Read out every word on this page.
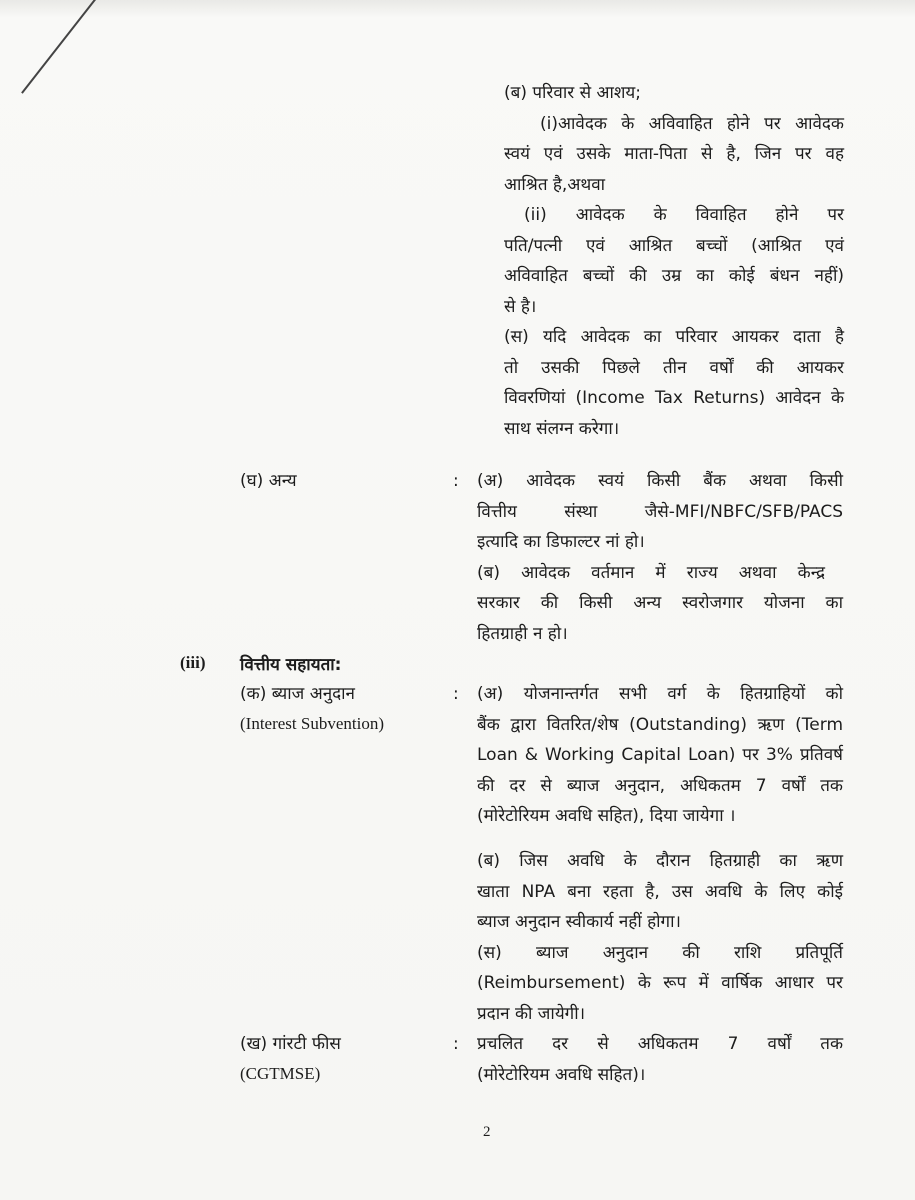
(ब) परिवार से आशय;
(i)आवेदक के अविवाहित होने पर आवेदक
स्वयं एवं उसके माता-पिता से है, जिन पर वह
आश्रित है,अथवा
(ii) आवेदक के विवाहित होने पर
पति/पत्नी एवं आश्रित बच्चों (आश्रित एवं
अविवाहित बच्चों की उम्र का कोई बंधन नहीं)
से है।
(स) यदि आवेदक का परिवार आयकर दाता है
तो उसकी पिछले तीन वर्षों की आयकर
विवरणियां (Income Tax Returns) आवेदन के
साथ संलग्न करेगा।
(घ) अन्य	: (अ) आवेदक स्वयं किसी बैंक अथवा किसी
वित्तीय संस्था जैसे-MFI/NBFC/SFB/PACS
इत्यादि का डिफाल्टर नां हो।
(ब) आवेदक वर्तमान में राज्य अथवा केन्द्र
सरकार की किसी अन्य स्वरोजगार योजना का
हितग्राही न हो।
(iii) वित्तीय सहायता:
(क) ब्याज अनुदान
(Interest Subvention)
: (अ) योजनान्तर्गत सभी वर्ग के हितग्राहियों को
बैंक द्वारा वितरित/शेष (Outstanding) ऋण (Term
Loan & Working Capital Loan) पर 3% प्रतिवर्ष
की दर से ब्याज अनुदान, अधिकतम 7 वर्षों तक
(मोरेटोरियम अवधि सहित), दिया जायेगा ।
(ब) जिस अवधि के दौरान हितग्राही का ऋण
खाता NPA बना रहता है, उस अवधि के लिए कोई
ब्याज अनुदान स्वीकार्य नहीं होगा।
(स) ब्याज अनुदान की राशि प्रतिपूर्ति
(Reimbursement) के रूप में वार्षिक आधार पर
प्रदान की जायेगी।
(ख) गांरटी फीस
(CGTMSE)
: प्रचलित दर से अधिकतम 7 वर्षों तक
(मोरेटोरियम अवधि सहित)।
2
